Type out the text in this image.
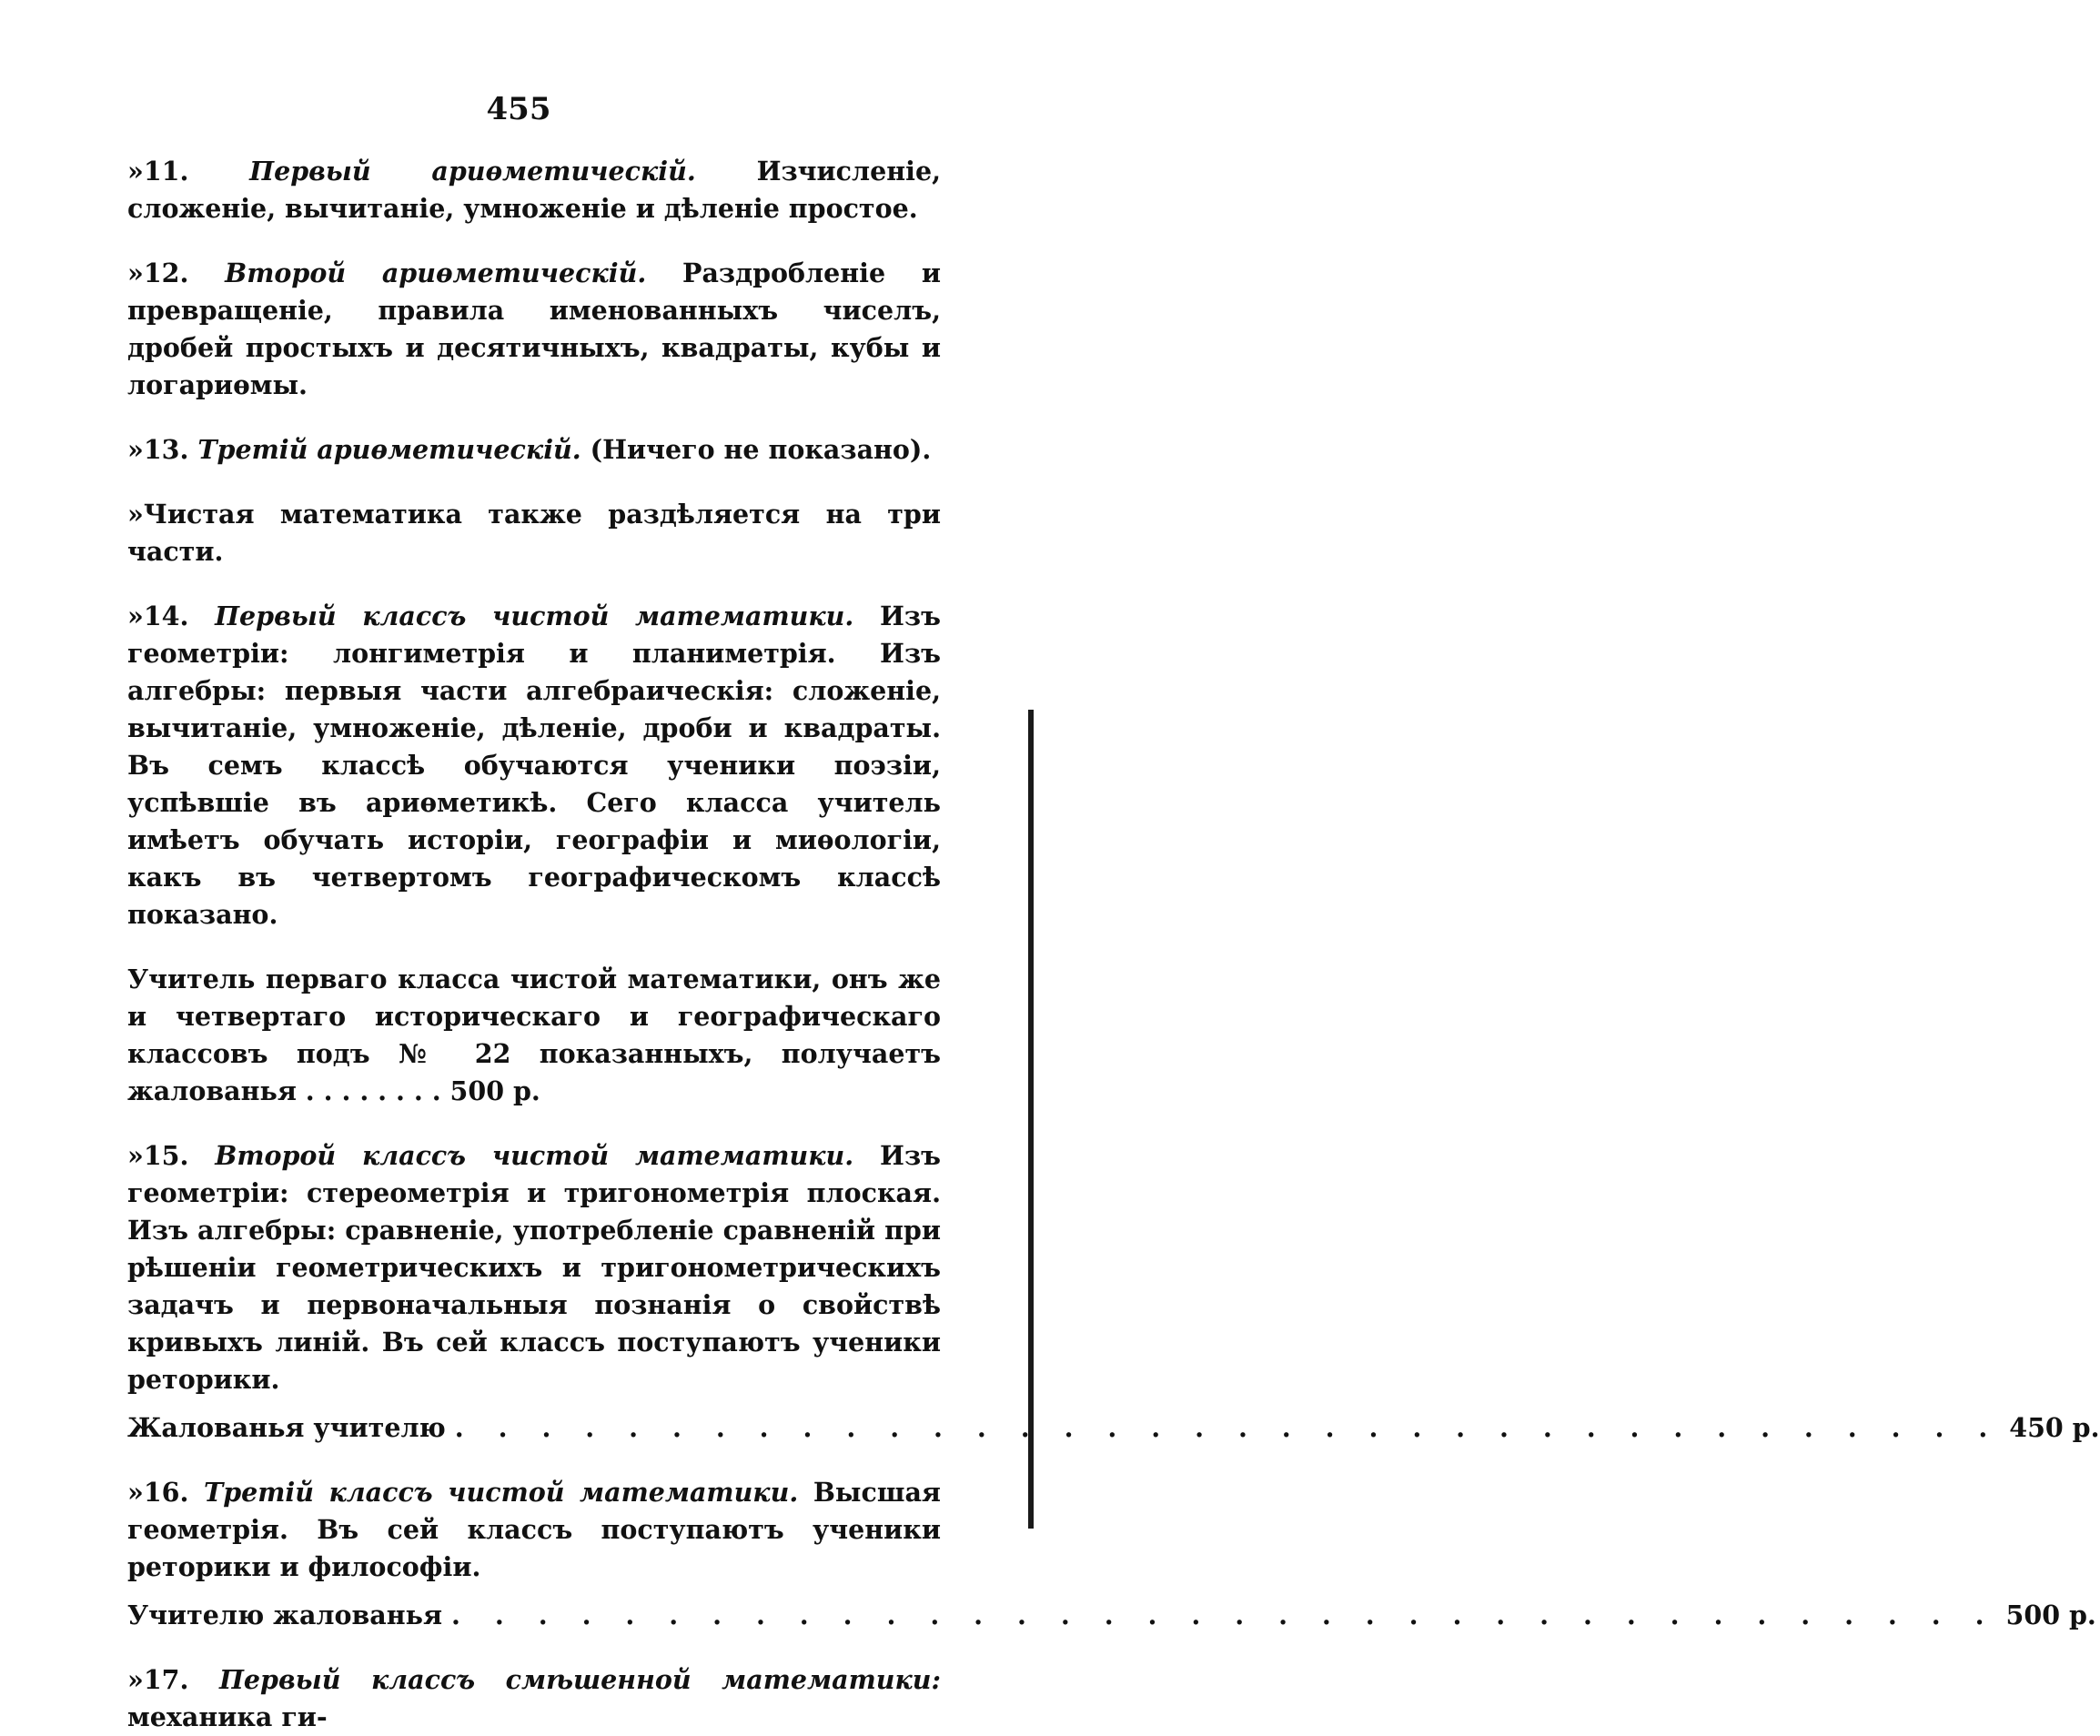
455

»11. Первый ариѳметическій. Изчисленіе, сложеніе, вычитаніе, умноженіе и дѣленіе простое.

»12. Второй ариѳметическій. Раздробленіе и превращеніе, правила именованныхъ чиселъ, дробей простыхъ и десятичныхъ, квадраты, кубы и логариѳмы.

»13. Третій ариѳметическій. (Ничего не показано).

»Чистая математика также раздѣляется на три части.

»14. Первый классъ чистой математики. Изъ геометріи: лонгиметрія и планиметрія. Изъ алгебры: первыя части алгебраическія: сложеніе, вычитаніе, умноженіе, дѣленіе, дроби и квадраты. Въ семъ классѣ обучаются ученики поэзіи, успѣвшіе въ ариѳметикѣ. Сего класса учитель имѣетъ обучать исторіи, географіи и миѳологіи, какъ въ четвертомъ географическомъ классѣ показано.

Учитель перваго класса чистой математики, онъ же и четвертаго историческаго и географическаго классовъ подъ № 22 показанныхъ, получаетъ жалованья . . . . . . . . 500 р.

»15. Второй классъ чистой математики. Изъ геометріи: стереометрія и тригонометрія плоская. Изъ алгебры: сравненіе, употребленіе сравненій при рѣшеніи геометрическихъ и тригонометрическихъ задачъ и первоначальныя познанія о свойствѣ кривыхъ линій. Въ сей классъ поступаютъ ученики реторики.

Жалованья учителю . . . . . . . . . . . . . . . . . . . . . . . . . . . . . . . . . . . . 450 р.

»16. Третій классъ чистой математики. Высшая геометрія. Въ сей классъ поступаютъ ученики реторики и философіи.

Учителю жалованья . . . . . . . . . . . . . . . . . . . . . . . . . . . . . . . . . . . . 500 р.

»17. Первый классъ смѣшенной математики: механика ги-
